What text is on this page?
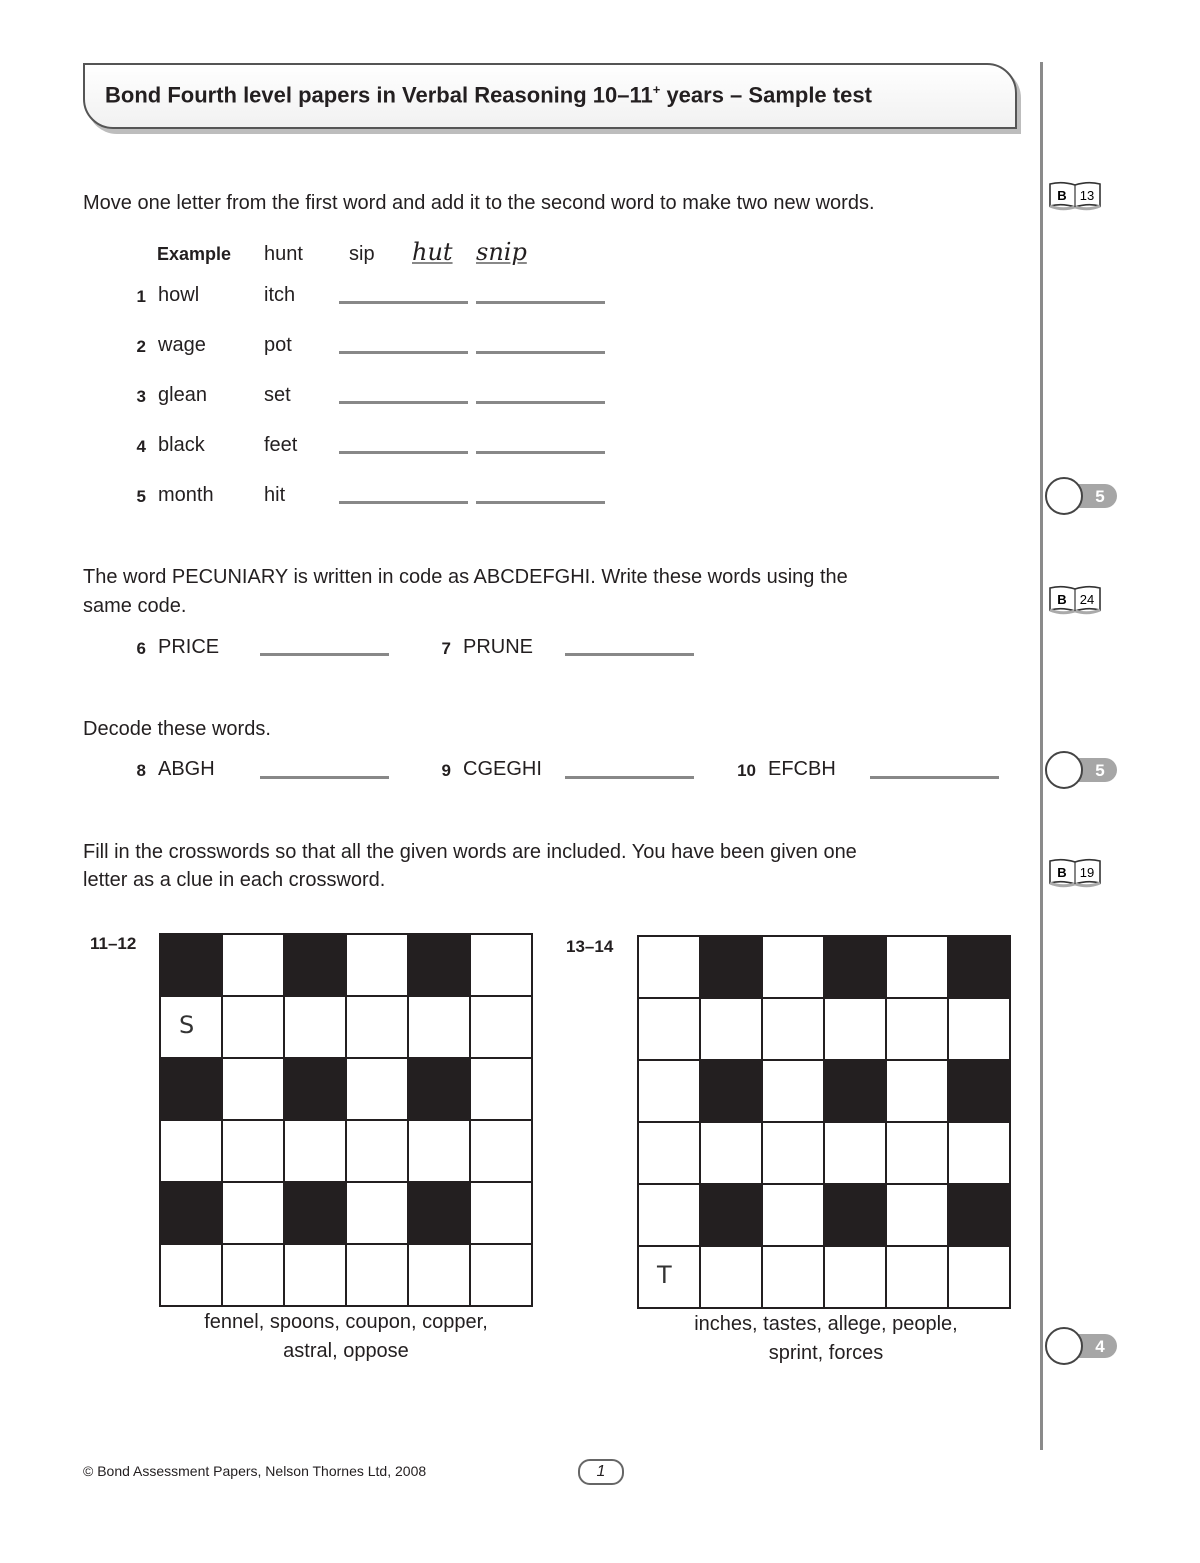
Bond Fourth level papers in Verbal Reasoning 10–11+ years – Sample test
Move one letter from the first word and add it to the second word to make two new words.
Example hunt sip hut snip
1 howl	itch
2 wage	pot
3 glean	set
4 black	feet
5 month	hit
B 13
5
The word PECUNIARY is written in code as ABCDEFGHI. Write these words using the
same code.
6 PRICE	7 PRUNE
B 24
Decode these words.
8 ABGH	9 CGEGHI	10 EFCBH	5
Fill in the crosswords so that all the given words are included. You have been given one
letter as a clue in each crossword.	B 19
11–12
S
fennel, spoons, coupon, copper,
astral, oppose
13–14
T
inches, tastes, allege, people,
sprint, forces	4
© Bond Assessment Papers, Nelson Thornes Ltd, 2008	1
